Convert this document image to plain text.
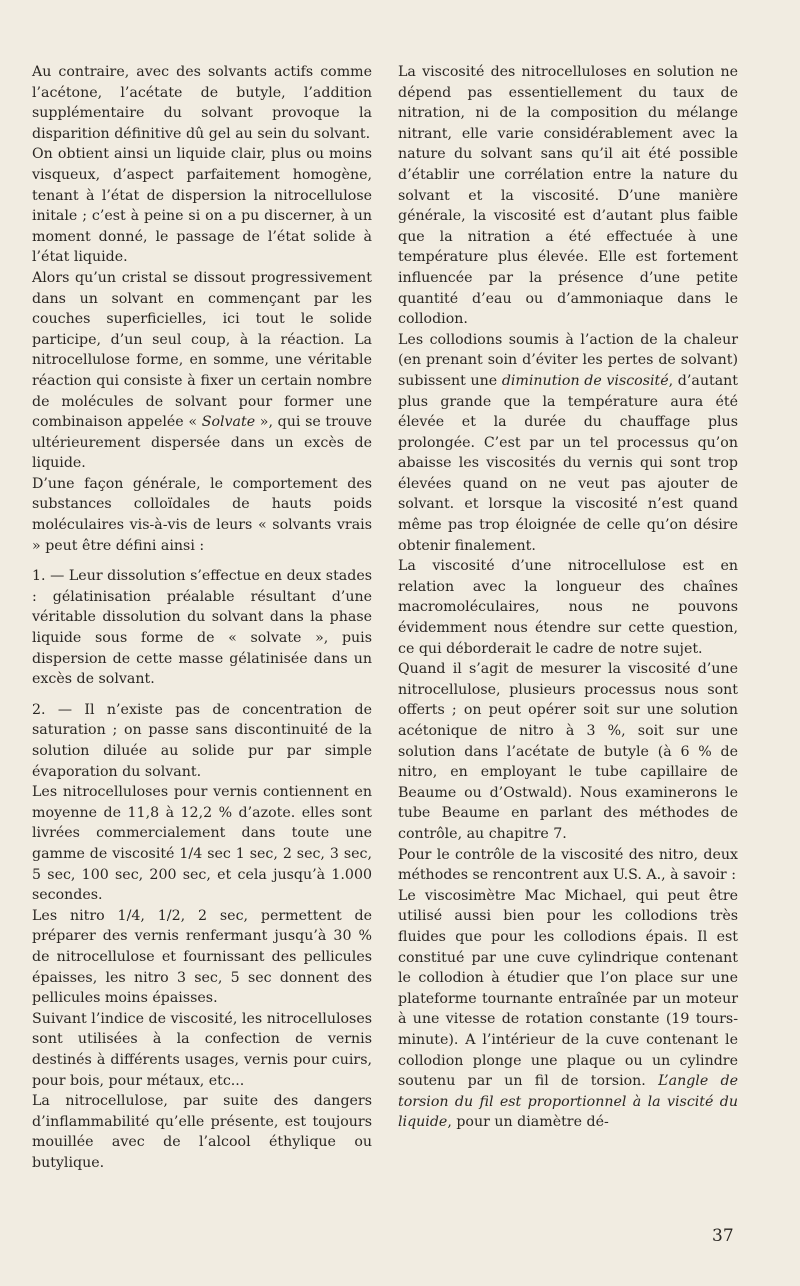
Au contraire, avec des solvants actifs comme l’acétone, l’acétate de butyle, l’addition supplémentaire du solvant provoque la disparition définitive dû gel au sein du solvant.

On obtient ainsi un liquide clair, plus ou moins visqueux, d’aspect parfaitement homogène, tenant à l’état de dispersion la nitrocellulose initale ; c’est à peine si on a pu discerner, à un moment donné, le passage de l’état solide à l’état liquide.

Alors qu’un cristal se dissout progressivement dans un solvant en commençant par les couches superficielles, ici tout le solide participe, d’un seul coup, à la réaction. La nitrocellulose forme, en somme, une véritable réaction qui consiste à fixer un certain nombre de molécules de solvant pour former une combinaison appelée « Solvate », qui se trouve ultérieurement dispersée dans un excès de liquide.

D’une façon générale, le comportement des substances colloïdales de hauts poids moléculaires vis-à-vis de leurs « solvants vrais » peut être défini ainsi :

1. — Leur dissolution s’effectue en deux stades : gélatinisation préalable résultant d’une véritable dissolution du solvant dans la phase liquide sous forme de « solvate », puis dispersion de cette masse gélatinisée dans un excès de solvant.

2. — Il n’existe pas de concentration de saturation ; on passe sans discontinuité de la solution diluée au solide pur par simple évaporation du solvant.

Les nitrocelluloses pour vernis contiennent en moyenne de 11,8 à 12,2 % d’azote. elles sont livrées commercialement dans toute une gamme de viscosité 1/4 sec 1 sec, 2 sec, 3 sec, 5 sec, 100 sec, 200 sec, et cela jusqu’à 1.000 secondes.

Les nitro 1/4, 1/2, 2 sec, permettent de préparer des vernis renfermant jusqu’à 30 % de nitrocellulose et fournissant des pellicules épaisses, les nitro 3 sec, 5 sec donnent des pellicules moins épaisses.

Suivant l’indice de viscosité, les nitrocelluloses sont utilisées à la confection de vernis destinés à différents usages, vernis pour cuirs, pour bois, pour métaux, etc...

La nitrocellulose, par suite des dangers d’inflammabilité qu’elle présente, est toujours mouillée avec de l’alcool éthylique ou butylique.

La viscosité des nitrocelluloses en solution ne dépend pas essentiellement du taux de nitration, ni de la composition du mélange nitrant, elle varie considérablement avec la nature du solvant sans qu’il ait été possible d’établir une corrélation entre la nature du solvant et la viscosité. D’une manière générale, la viscosité est d’autant plus faible que la nitration a été effectuée à une température plus élevée. Elle est fortement influencée par la présence d’une petite quantité d’eau ou d’ammoniaque dans le collodion.

Les collodions soumis à l’action de la chaleur (en prenant soin d’éviter les pertes de solvant) subissent une diminution de viscosité, d’autant plus grande que la température aura été élevée et la durée du chauffage plus prolongée. C’est par un tel processus qu’on abaisse les viscosités du vernis qui sont trop élevées quand on ne veut pas ajouter de solvant. et lorsque la viscosité n’est quand même pas trop éloignée de celle qu’on désire obtenir finalement.

La viscosité d’une nitrocellulose est en relation avec la longueur des chaînes macromoléculaires, nous ne pouvons évidemment nous étendre sur cette question, ce qui déborderait le cadre de notre sujet.

Quand il s’agit de mesurer la viscosité d’une nitrocellulose, plusieurs processus nous sont offerts ; on peut opérer soit sur une solution acétonique de nitro à 3 %, soit sur une solution dans l’acétate de butyle (à 6 % de nitro, en employant le tube capillaire de Beaume ou d’Ostwald). Nous examinerons le tube Beaume en parlant des méthodes de contrôle, au chapitre 7.

Pour le contrôle de la viscosité des nitro, deux méthodes se rencontrent aux U.S. A., à savoir :

Le viscosimètre Mac Michael, qui peut être utilisé aussi bien pour les collodions très fluides que pour les collodions épais. Il est constitué par une cuve cylindrique contenant le collodion à étudier que l’on place sur une plateforme tournante entraînée par un moteur à une vitesse de rotation constante (19 tours-minute). A l’intérieur de la cuve contenant le collodion plonge une plaque ou un cylindre soutenu par un fil de torsion. L’angle de torsion du fil est proportionnel à la viscité du liquide, pour un diamètre dé-

37
